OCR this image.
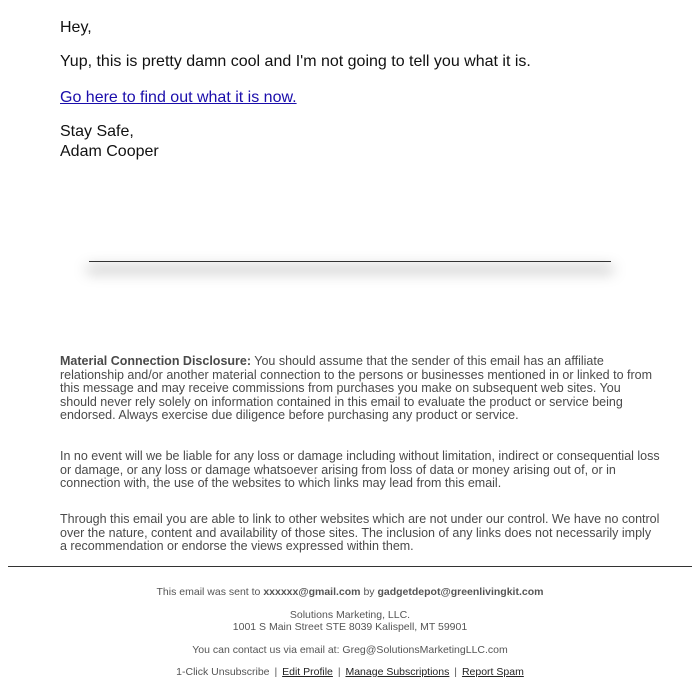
Hey,
Yup, this is pretty damn cool and I'm not going to tell you what it is.
Go here to find out what it is now.
Stay Safe,
Adam Cooper
Material Connection Disclosure: You should assume that the sender of this email has an affiliate relationship and/or another material connection to the persons or businesses mentioned in or linked to from this message and may receive commissions from purchases you make on subsequent web sites. You should never rely solely on information contained in this email to evaluate the product or service being endorsed. Always exercise due diligence before purchasing any product or service.
In no event will we be liable for any loss or damage including without limitation, indirect or consequential loss or damage, or any loss or damage whatsoever arising from loss of data or money arising out of, or in connection with, the use of the websites to which links may lead from this email.
Through this email you are able to link to other websites which are not under our control. We have no control over the nature, content and availability of those sites. The inclusion of any links does not necessarily imply a recommendation or endorse the views expressed within them.
This email was sent to xxxxxx@gmail.com by gadgetdepot@greenlivingkit.com
Solutions Marketing, LLC.
1001 S Main Street STE 8039 Kalispell, MT 59901
You can contact us via email at: Greg@SolutionsMarketingLLC.com
1-Click Unsubscribe | Edit Profile | Manage Subscriptions | Report Spam
